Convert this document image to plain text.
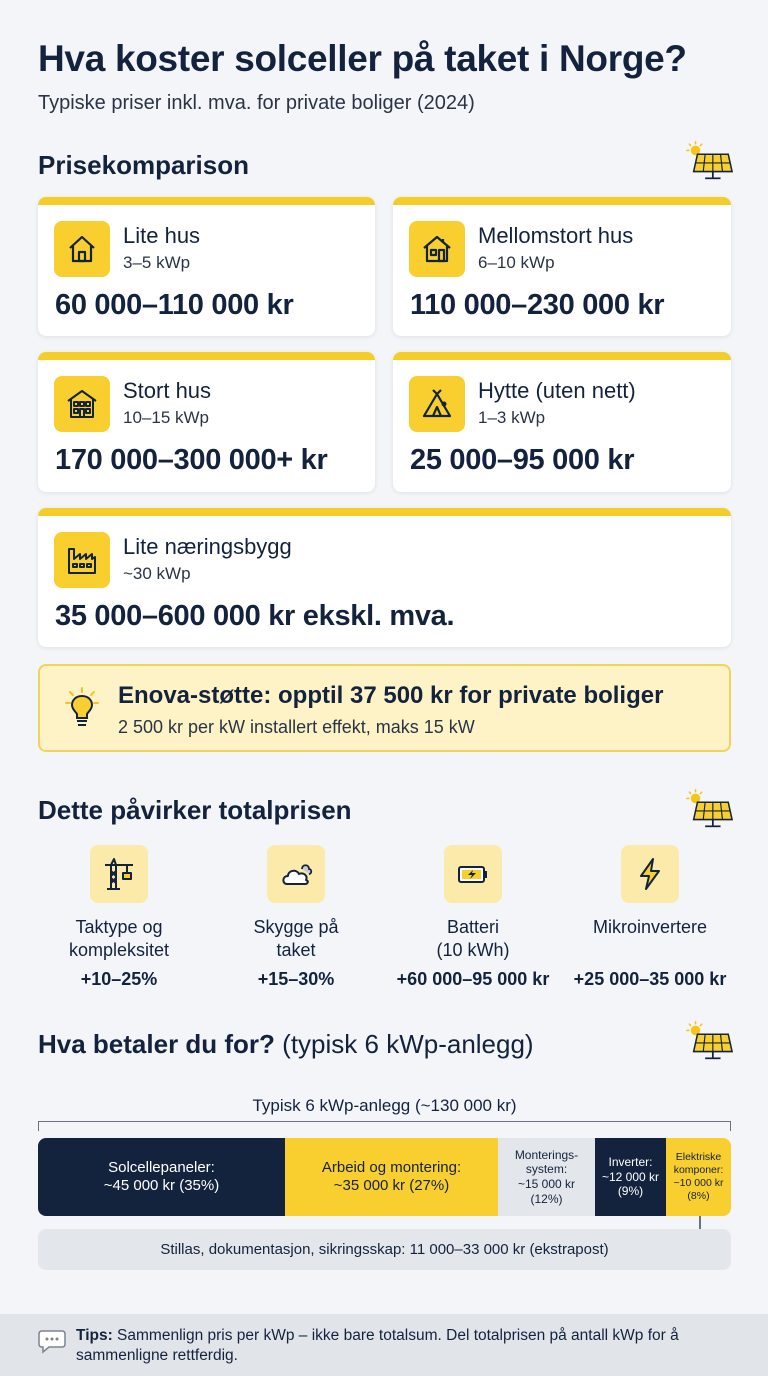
Hva koster solceller på taket i Norge?
Typiske priser inkl. mva. for private boliger (2024)
Prisekomparison
Lite hus
3–5 kWp
60 000–110 000 kr
Mellomstort hus
6–10 kWp
110 000–230 000 kr
Stort hus
10–15 kWp
170 000–300 000+ kr
Hytte (uten nett)
1–3 kWp
25 000–95 000 kr
Lite næringsbygg
~30 kWp
35 000–600 000 kr ekskl. mva.
Enova-støtte: opptil 37 500 kr for private boliger
2 500 kr per kW installert effekt, maks 15 kW
Dette påvirker totalprisen
Taktype og
kompleksitet
+10–25%
Skygge på
taket
+15–30%
Batteri
(10 kWh)
+60 000–95 000 kr
Mikroinvertere
+25 000–35 000 kr
Hva betaler du for? (typisk 6 kWp-anlegg)
Typisk 6 kWp-anlegg (~130 000 kr)
Solcellepaneler:
~45 000 kr (35%)
Arbeid og montering:
~35 000 kr (27%)
Monterings-
system:
~15 000 kr
(12%)
Inverter:
~12 000 kr
(9%)
Elektriske
komponer:
~10 000 kr
(8%)
Stillas, dokumentasjon, sikringsskap: 11 000–33 000 kr (ekstrapost)
Tips: Sammenlign pris per kWp – ikke bare totalsum. Del totalprisen på antall kWp for å sammenligne rettferdig.
